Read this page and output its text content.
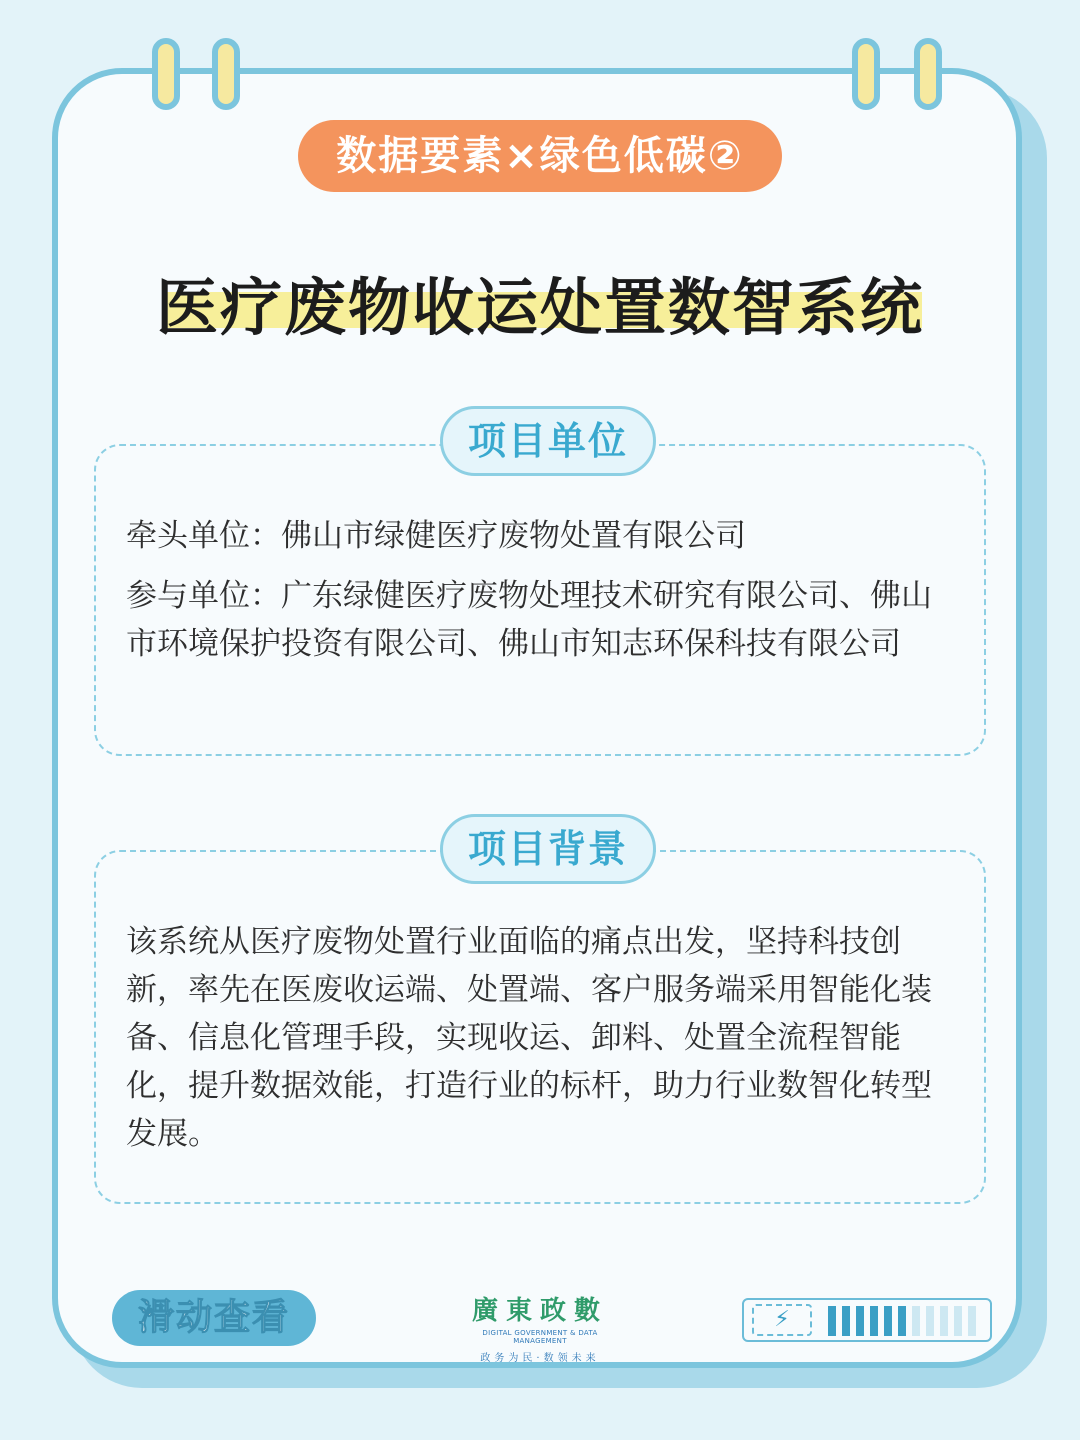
数据要素×绿色低碳②
医疗废物收运处置数智系统
项目单位
牵头单位：佛山市绿健医疗废物处置有限公司
参与单位：广东绿健医疗废物处理技术研究有限公司、佛山市环境保护投资有限公司、佛山市知志环保科技有限公司
项目背景
该系统从医疗废物处置行业面临的痛点出发，坚持科技创新，率先在医废收运端、处置端、客户服务端采用智能化装备、信息化管理手段，实现收运、卸料、处置全流程智能化，提升数据效能，打造行业的标杆，助力行业数智化转型发展。
滑动查看	廣東政數
DIGITAL GOVERNMENT & DATA MANAGEMENT
政务为民·数领未来
⚡
